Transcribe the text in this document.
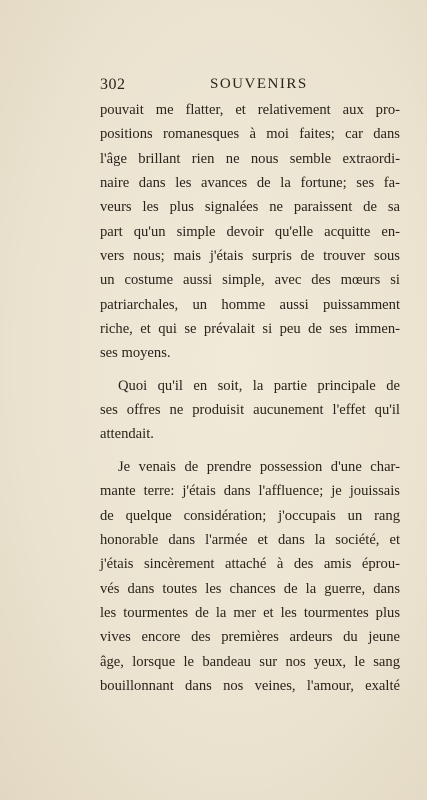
302	SOUVENIRS
pouvait me flatter, et relativement aux pro-
positions romanesques à moi faites; car dans
l'âge brillant rien ne nous semble extraordi-
naire dans les avances de la fortune; ses fa-
veurs les plus signalées ne paraissent de sa
part qu'un simple devoir qu'elle acquitte en-
vers nous; mais j'étais surpris de trouver sous
un costume aussi simple, avec des mœurs si
patriarchales, un homme aussi puissamment
riche, et qui se prévalait si peu de ses immen-
ses moyens.
Quoi qu'il en soit, la partie principale de
ses offres ne produisit aucunement l'effet qu'il
attendait.
Je venais de prendre possession d'une char-
mante terre: j'étais dans l'affluence; je jouissais
de quelque considération; j'occupais un rang
honorable dans l'armée et dans la société, et
j'étais sincèrement attaché à des amis éprou-
vés dans toutes les chances de la guerre, dans
les tourmentes de la mer et les tourmentes plus
vives encore des premières ardeurs du jeune
âge, lorsque le bandeau sur nos yeux, le sang
bouillonnant dans nos veines, l'amour, exalté
